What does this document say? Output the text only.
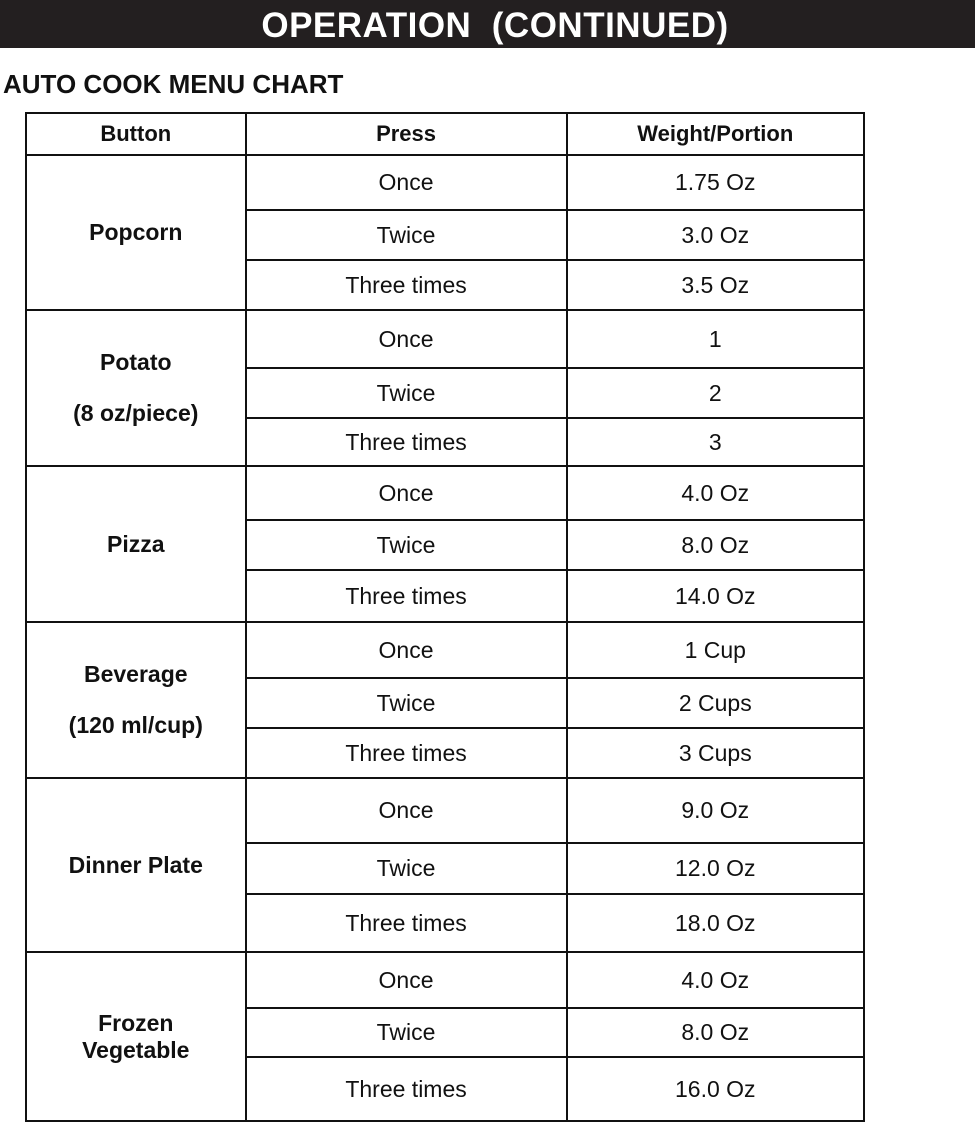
OPERATION  (CONTINUED)
AUTO COOK MENU CHART
Button	Press	Weight/Portion

Popcorn	Once	1.75 Oz
	Twice	3.0 Oz
	Three times	3.5 Oz

Potato
(8 oz/piece)	Once	1
	Twice	2
	Three times	3

Pizza	Once	4.0 Oz
	Twice	8.0 Oz
	Three times	14.0 Oz

Beverage
(120 ml/cup)	Once	1 Cup
	Twice	2 Cups
	Three times	3 Cups

Dinner Plate	Once	9.0 Oz
	Twice	12.0 Oz
	Three times	18.0 Oz

Frozen
Vegetable	Once	4.0 Oz
	Twice	8.0 Oz
	Three times	16.0 Oz
